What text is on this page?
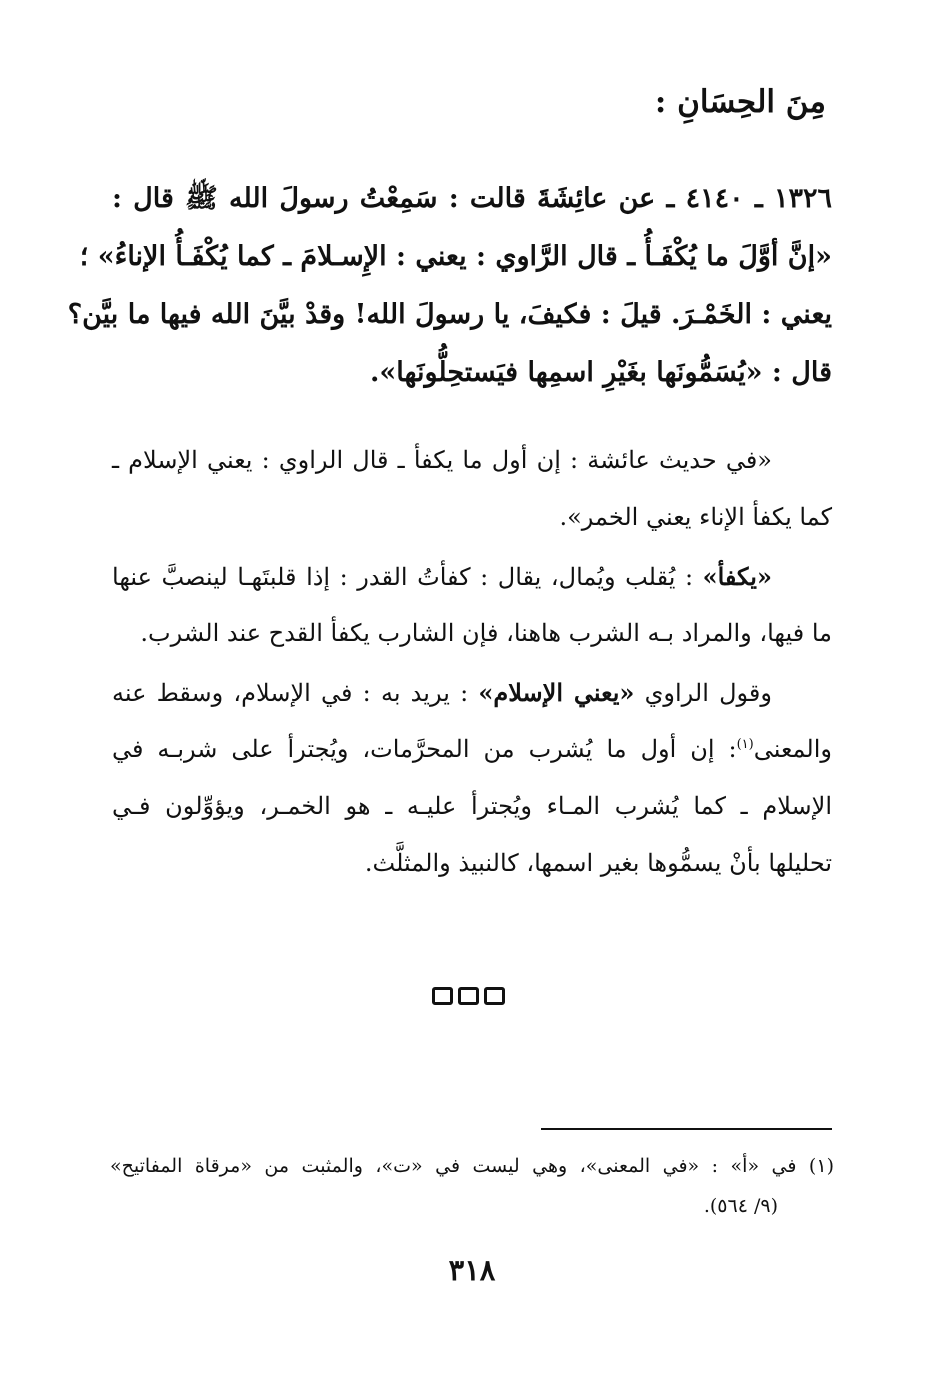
مِنَ الحِسَانِ :
١٣٢٦ ـ ٤١٤٠ ـ عن عائِشَةَ قالت : سَمِعْتُ رسولَ الله ﷺ قال :
«إنَّ أوَّلَ ما يُكْفَـأُ ـ قال الرَّاوي : يعني : الإِسـلامَ ـ كما يُكْفَـأُ الإناءُ» ؛
يعني : الخَمْـرَ. قيلَ : فكيفَ، يا رسولَ الله! وقدْ بيَّنَ الله فيها ما بيَّن؟
قال : «يُسَمُّونَها بغَيْرِ اسمِها فيَستحِلُّونَها».
«في حديث عائشة : إن أول ما يكفأ ـ قال الراوي : يعني الإسلام ـ
كما يكفأ الإناء يعني الخمر».
«يكفأ» : يُقلب ويُمال، يقال : كفأتُ القدر : إذا قلبتَهـا لينصبَّ عنها
ما فيها، والمراد بـه الشرب هاهنا، فإن الشارب يكفأ القدح عند الشرب.
وقول الراوي «يعني الإسلام» : يريد به : في الإسلام، وسقط عنه
والمعنى$^{(١)}$: إن أول ما يُشرب من المحرَّمات، ويُجترأ على شربـه في
الإسلام ـ كما يُشرب المـاء ويُجترأ عليـه ـ هو الخمـر، ويؤوِّلون فـي
تحليلها بأنْ يسمُّوها بغير اسمها، كالنبيذ والمثلَّث.
(١) في «أ» : «في المعنى»، وهي ليست في «ت»، والمثبت من «مرقاة المفاتيح»
(٩/ ٥٦٤).
٣١٨
